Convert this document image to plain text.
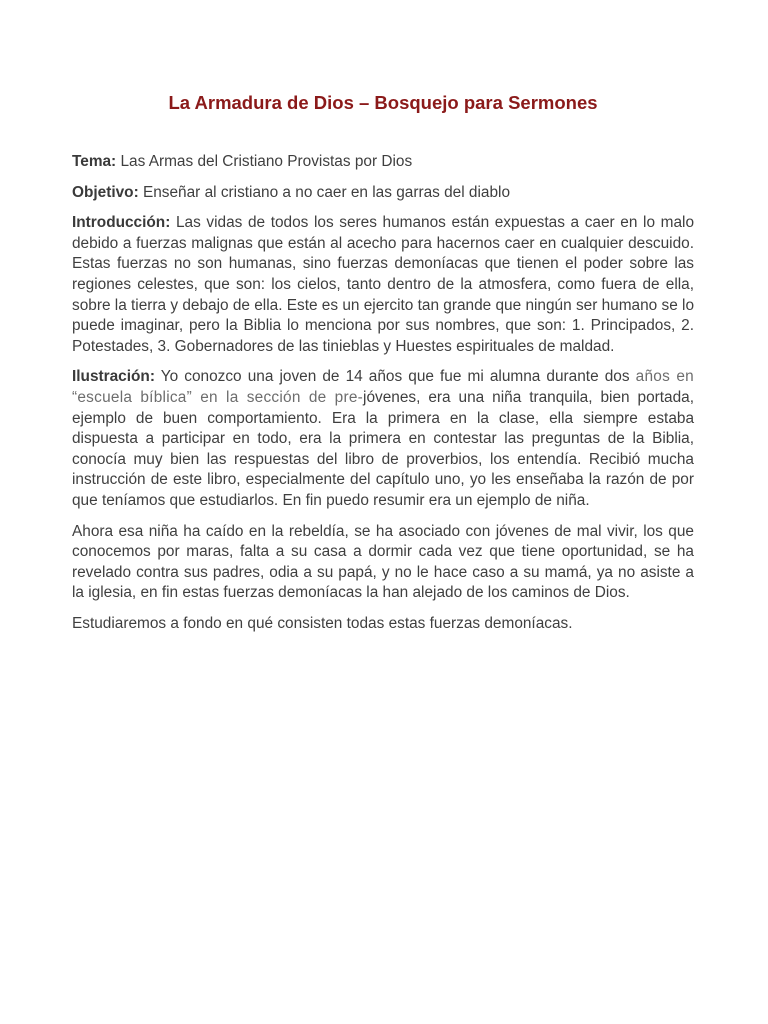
La Armadura de Dios – Bosquejo para Sermones

Tema: Las Armas del Cristiano Provistas por Dios

Objetivo: Enseñar al cristiano a no caer en las garras del diablo

Introducción: Las vidas de todos los seres humanos están expuestas a caer en lo malo debido a fuerzas malignas que están al acecho para hacernos caer en cualquier descuido. Estas fuerzas no son humanas, sino fuerzas demoníacas que tienen el poder sobre las regiones celestes, que son: los cielos, tanto dentro de la atmosfera, como fuera de ella, sobre la tierra y debajo de ella. Este es un ejercito tan grande que ningún ser humano se lo puede imaginar, pero la Biblia lo menciona por sus nombres, que son: 1. Principados, 2. Potestades, 3. Gobernadores de las tinieblas y Huestes espirituales de maldad.

Ilustración: Yo conozco una joven de 14 años que fue mi alumna durante dos años en “escuela bíblica” en la sección de pre-jóvenes, era una niña tranquila, bien portada, ejemplo de buen comportamiento. Era la primera en la clase, ella siempre estaba dispuesta a participar en todo, era la primera en contestar las preguntas de la Biblia, conocía muy bien las respuestas del libro de proverbios, los entendía. Recibió mucha instrucción de este libro, especialmente del capítulo uno, yo les enseñaba la razón de por que teníamos que estudiarlos. En fin puedo resumir era un ejemplo de niña.

Ahora esa niña ha caído en la rebeldía, se ha asociado con jóvenes de mal vivir, los que conocemos por maras, falta a su casa a dormir cada vez que tiene oportunidad, se ha revelado contra sus padres, odia a su papá, y no le hace caso a su mamá, ya no asiste a la iglesia, en fin estas fuerzas demoníacas la han alejado de los caminos de Dios.

Estudiaremos a fondo en qué consisten todas estas fuerzas demoníacas.
